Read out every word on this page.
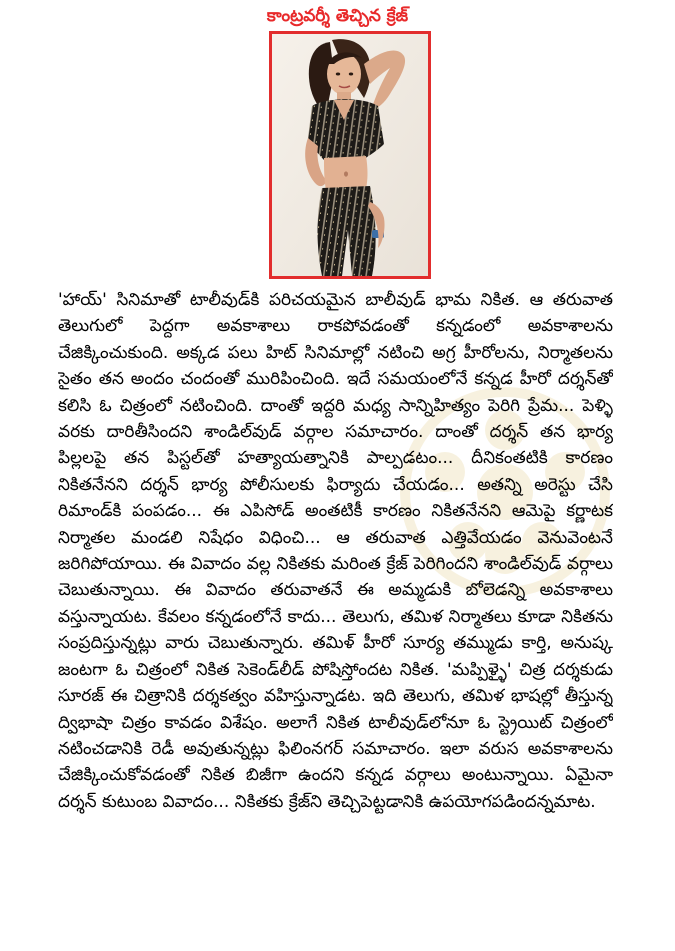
కాంట్రవర్శీ తెచ్చిన క్రేజ్

'హాయ్' సినిమాతో టాలీవుడ్‌కి పరిచయమైన బాలీవుడ్ భామ నికిత. ఆ తరువాత తెలుగులో పెద్దగా అవకాశాలు రాకపోవడంతో కన్నడంలో అవకాశాలను చేజిక్కించుకుంది. అక్కడ పలు హిట్ సినిమాల్లో నటించి అగ్ర హీరోలను, నిర్మాతలను సైతం తన అందం చందంతో మురిపించింది. ఇదే సమయంలోనే కన్నడ హీరో దర్శన్‌తో కలిసి ఓ చిత్రంలో నటించింది. దాంతో ఇద్దరి మధ్య సాన్నిహిత్యం పెరిగి ప్రేమ... పెళ్ళి వరకు దారితీసిందని శాండిల్‌వుడ్ వర్గాల సమాచారం. దాంతో దర్శన్ తన భార్య పిల్లలపై తన పిస్టల్‌తో హత్యాయత్నానికి పాల్పడటం... దీనికంతటికి కారణం నికితనేనని దర్శన్ భార్య పోలీసులకు ఫిర్యాదు చేయడం... అతన్ని అరెస్టు చేసి రిమాండ్‌కి పంపడం... ఈ ఎపిసోడ్ అంతటికీ కారణం నికితనేనని ఆమెపై కర్ణాటక నిర్మాతల మండలి నిషేధం విధించి... ఆ తరువాత ఎత్తివేయడం వెనువెంటనే జరిగిపోయాయి. ఈ వివాదం వల్ల నికితకు మరింత క్రేజ్ పెరిగిందని శాండిల్‌వుడ్ వర్గాలు చెబుతున్నాయి. ఈ వివాదం తరువాతనే ఈ అమ్మడుకి బోలెడన్ని అవకాశాలు వస్తున్నాయట. కేవలం కన్నడంలోనే కాదు... తెలుగు, తమిళ నిర్మాతలు కూడా నికితను సంప్రదిస్తున్నట్లు వారు చెబుతున్నారు. తమిళ్ హీరో సూర్య తమ్ముడు కార్తి, అనుష్క జంటగా ఓ చిత్రంలో నికిత సెకెండ్‌లీడ్ పోషిస్తోందట నికిత. 'మప్పిళ్ళై' చిత్ర దర్శకుడు సూరజ్ ఈ చిత్రానికి దర్శకత్వం వహిస్తున్నాడట. ఇది తెలుగు, తమిళ భాషల్లో తీస్తున్న ద్విభాషా చిత్రం కావడం విశేషం. అలాగే నికిత టాలీవుడ్‌లోనూ ఓ స్ట్రెయిట్ చిత్రంలో నటించడానికి రెడీ అవుతున్నట్లు ఫిలింనగర్ సమాచారం. ఇలా వరుస అవకాశాలను చేజిక్కించుకోవడంతో నికిత బిజీగా ఉందని కన్నడ వర్గాలు అంటున్నాయి. ఏమైనా దర్శన్ కుటుంబ వివాదం... నికితకు క్రేజ్‌ని తెచ్చిపెట్టడానికి ఉపయోగపడిందన్నమాట.
